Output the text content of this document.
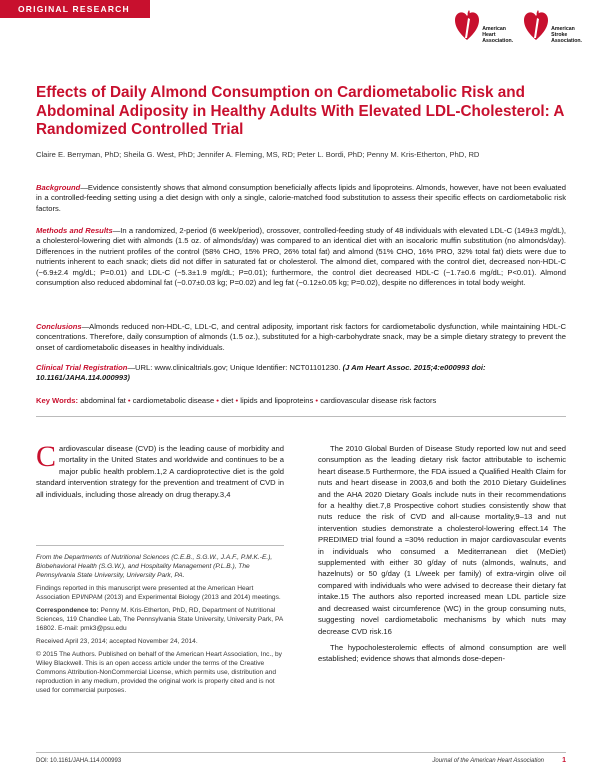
ORIGINAL RESEARCH
American
Heart
Association.
American
Stroke
Association.
Effects of Daily Almond Consumption on Cardiometabolic Risk and Abdominal Adiposity in Healthy Adults With Elevated LDL-Cholesterol: A Randomized Controlled Trial
Claire E. Berryman, PhD; Sheila G. West, PhD; Jennifer A. Fleming, MS, RD; Peter L. Bordi, PhD; Penny M. Kris-Etherton, PhD, RD
Background—Evidence consistently shows that almond consumption beneficially affects lipids and lipoproteins. Almonds, however, have not been evaluated in a controlled-feeding setting using a diet design with only a single, calorie-matched food substitution to assess their specific effects on cardiometabolic risk factors.
Methods and Results—In a randomized, 2-period (6 week/period), crossover, controlled-feeding study of 48 individuals with elevated LDL-C (149±3 mg/dL), a cholesterol-lowering diet with almonds (1.5 oz. of almonds/day) was compared to an identical diet with an isocaloric muffin substitution (no almonds/day). Differences in the nutrient profiles of the control (58% CHO, 15% PRO, 26% total fat) and almond (51% CHO, 16% PRO, 32% total fat) diets were due to nutrients inherent to each snack; diets did not differ in saturated fat or cholesterol. The almond diet, compared with the control diet, decreased non-HDL-C (−6.9±2.4 mg/dL; P=0.01) and LDL-C (−5.3±1.9 mg/dL; P=0.01); furthermore, the control diet decreased HDL-C (−1.7±0.6 mg/dL; P<0.01). Almond consumption also reduced abdominal fat (−0.07±0.03 kg; P=0.02) and leg fat (−0.12±0.05 kg; P=0.02), despite no differences in total body weight.
Conclusions—Almonds reduced non-HDL-C, LDL-C, and central adiposity, important risk factors for cardiometabolic dysfunction, while maintaining HDL-C concentrations. Therefore, daily consumption of almonds (1.5 oz.), substituted for a high-carbohydrate snack, may be a simple dietary strategy to prevent the onset of cardiometabolic diseases in healthy individuals.
Clinical Trial Registration—URL: www.clinicaltrials.gov; Unique Identifier: NCT01101230. (J Am Heart Assoc. 2015;4:e000993 doi: 10.1161/JAHA.114.000993)
Key Words: abdominal fat • cardiometabolic disease • diet • lipids and lipoproteins • cardiovascular disease risk factors

Cardiovascular disease (CVD) is the leading cause of morbidity and mortality in the United States and worldwide and continues to be a major public health problem.1,2 A cardioprotective diet is the gold standard intervention strategy for the prevention and treatment of CVD in all individuals, including those already on drug therapy.3,4

From the Departments of Nutritional Sciences (C.E.B., S.G.W., J.A.F., P.M.K.-E.), Biobehavioral Health (S.G.W.), and Hospitality Management (P.L.B.), The Pennsylvania State University, University Park, PA.

Findings reported in this manuscript were presented at the American Heart Association EPI/NPAM (2013) and Experimental Biology (2013 and 2014) meetings.

Correspondence to: Penny M. Kris-Etherton, PhD, RD, Department of Nutritional Sciences, 119 Chandlee Lab, The Pennsylvania State University, University Park, PA 16802. E-mail: pmk3@psu.edu

Received April 23, 2014; accepted November 24, 2014.

© 2015 The Authors. Published on behalf of the American Heart Association, Inc., by Wiley Blackwell. This is an open access article under the terms of the Creative Commons Attribution-NonCommercial License, which permits use, distribution and reproduction in any medium, provided the original work is properly cited and is not used for commercial purposes.

The 2010 Global Burden of Disease Study reported low nut and seed consumption as the leading dietary risk factor attributable to ischemic heart disease.5 Furthermore, the FDA issued a Qualified Health Claim for nuts and heart disease in 2003,6 and both the 2010 Dietary Guidelines and the AHA 2020 Dietary Goals include nuts in their recommendations for a healthy diet.7,8 Prospective cohort studies consistently show that nuts reduce the risk of CVD and all-cause mortality,9–13 and nut intervention studies demonstrate a cholesterol-lowering effect.14 The PREDIMED trial found a ≈30% reduction in major cardiovascular events in individuals who consumed a Mediterranean diet (MeDiet) supplemented with either 30 g/day of nuts (almonds, walnuts, and hazelnuts) or 50 g/day (1 L/week per family) of extra-virgin olive oil compared with individuals who were advised to decrease their dietary fat intake.15 The authors also reported increased mean LDL particle size and decreased waist circumference (WC) in the group consuming nuts, suggesting novel cardiometabolic mechanisms by which nuts may decrease CVD risk.16

The hypocholesterolemic effects of almond consumption are well established; evidence shows that almonds dose-depen-

DOI: 10.1161/JAHA.114.000993	Journal of the American Heart Association	1
